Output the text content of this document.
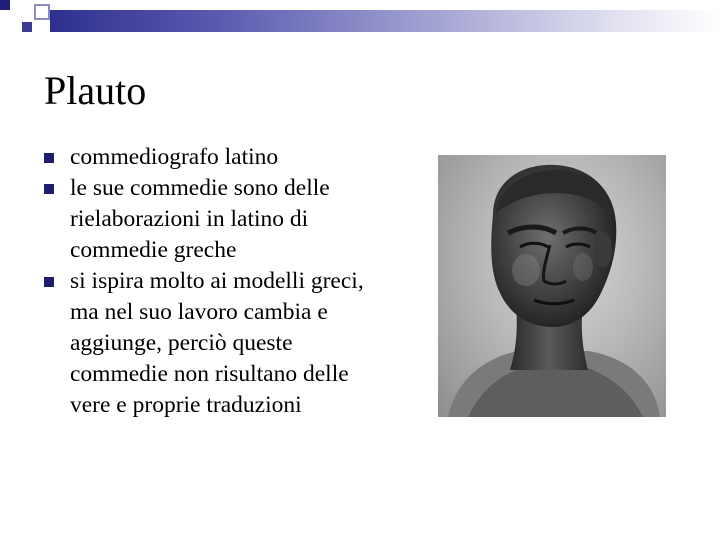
Plauto
commediografo latino
le sue commedie sono delle rielaborazioni in latino di commedie greche
si ispira molto ai modelli greci, ma nel suo lavoro cambia e aggiunge, perciò queste commedie non risultano delle vere e proprie traduzioni
